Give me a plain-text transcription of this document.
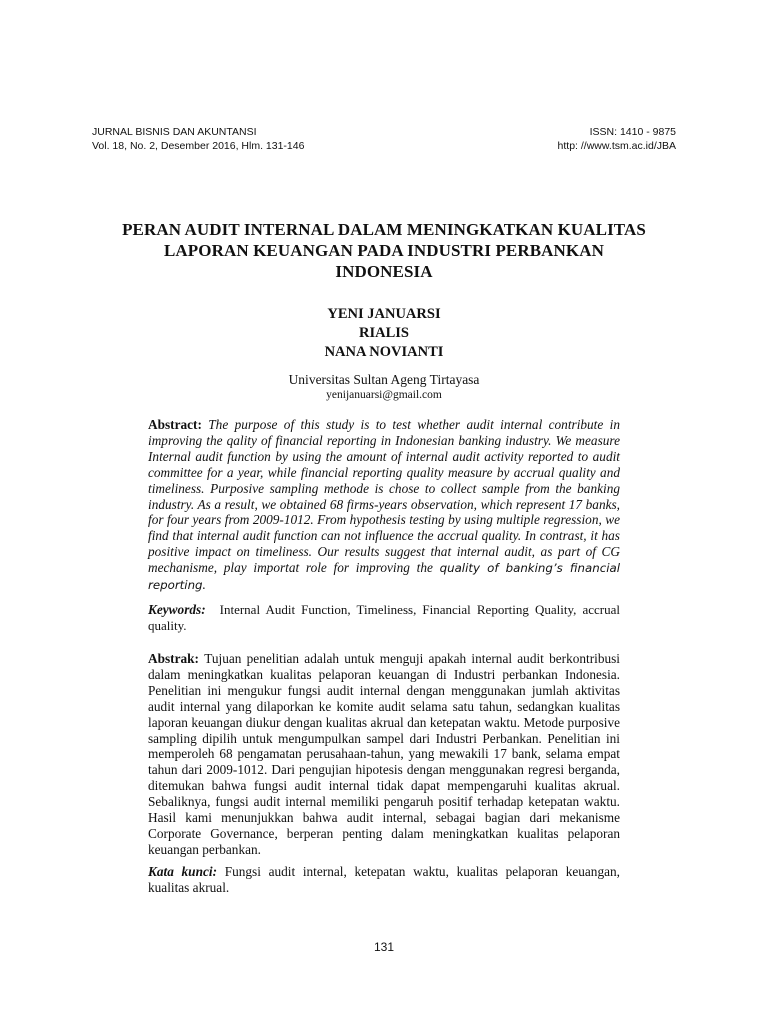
JURNAL BISNIS DAN AKUNTANSI
Vol. 18, No. 2, Desember 2016, Hlm. 131-146
ISSN: 1410 - 9875
http: //www.tsm.ac.id/JBA
PERAN AUDIT INTERNAL DALAM MENINGKATKAN KUALITAS LAPORAN KEUANGAN PADA INDUSTRI PERBANKAN INDONESIA
YENI JANUARSI
RIALIS
NANA NOVIANTI
Universitas Sultan Ageng Tirtayasa
yenijanuarsi@gmail.com
Abstract: The purpose of this study is to test whether audit internal contribute in improving the qality of financial reporting in Indonesian banking industry. We measure Internal audit function by using the amount of internal audit activity reported to audit committee for a year, while financial reporting quality measure by accrual quality and timeliness. Purposive sampling methode is chose to collect sample from the banking industry. As a result, we obtained 68 firms-years observation, which represent 17 banks, for four years from 2009-1012. From hypothesis testing by using multiple regression, we find that internal audit function can not influence the accrual quality. In contrast, it has positive impact on timeliness. Our results suggest that internal audit, as part of CG mechanisme, play importat role for improving the quality of banking’s financial reporting.
Keywords: Internal Audit Function, Timeliness, Financial Reporting Quality, accrual quality.
Abstrak: Tujuan penelitian adalah untuk menguji apakah internal audit berkontribusi dalam meningkatkan kualitas pelaporan keuangan di Industri perbankan Indonesia. Penelitian ini mengukur fungsi audit internal dengan menggunakan jumlah aktivitas audit internal yang dilaporkan ke komite audit selama satu tahun, sedangkan kualitas laporan keuangan diukur dengan kualitas akrual dan ketepatan waktu. Metode purposive sampling dipilih untuk mengumpulkan sampel dari Industri Perbankan. Penelitian ini memperoleh 68 pengamatan perusahaan-tahun, yang mewakili 17 bank, selama empat tahun dari 2009-1012. Dari pengujian hipotesis dengan menggunakan regresi berganda, ditemukan bahwa fungsi audit internal tidak dapat mempengaruhi kualitas akrual. Sebaliknya, fungsi audit internal memiliki pengaruh positif terhadap ketepatan waktu. Hasil kami menunjukkan bahwa audit internal, sebagai bagian dari mekanisme Corporate Governance, berperan penting dalam meningkatkan kualitas pelaporan keuangan perbankan.
Kata kunci: Fungsi audit internal, ketepatan waktu, kualitas pelaporan keuangan, kualitas akrual.
131
